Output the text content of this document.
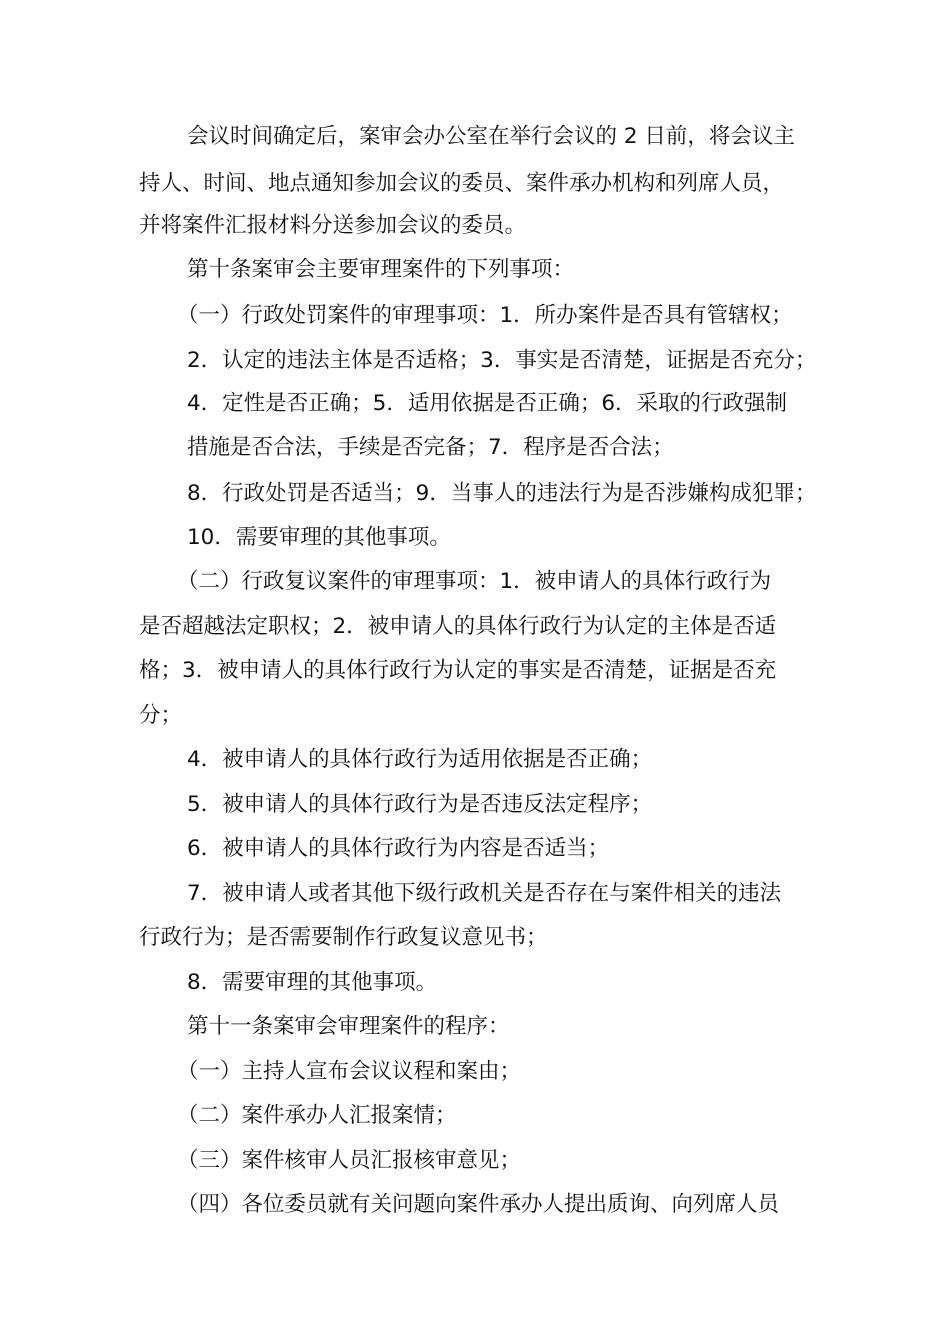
会议时间确定后，案审会办公室在举行会议的 2 日前，将会议主

持人、时间、地点通知参加会议的委员、案件承办机构和列席人员，

并将案件汇报材料分送参加会议的委员。

第十条案审会主要审理案件的下列事项：

（一）行政处罚案件的审理事项：1．所办案件是否具有管辖权；

2．认定的违法主体是否适格；3．事实是否清楚，证据是否充分；

4．定性是否正确；5．适用依据是否正确；6．采取的行政强制

措施是否合法，手续是否完备；7．程序是否合法；

8．行政处罚是否适当；9．当事人的违法行为是否涉嫌构成犯罪；

10．需要审理的其他事项。

（二）行政复议案件的审理事项：1．被申请人的具体行政行为

是否超越法定职权；2．被申请人的具体行政行为认定的主体是否适

格；3．被申请人的具体行政行为认定的事实是否清楚，证据是否充

分；

4．被申请人的具体行政行为适用依据是否正确；

5．被申请人的具体行政行为是否违反法定程序；

6．被申请人的具体行政行为内容是否适当；

7．被申请人或者其他下级行政机关是否存在与案件相关的违法

行政行为；是否需要制作行政复议意见书；

8．需要审理的其他事项。

第十一条案审会审理案件的程序：

（一）主持人宣布会议议程和案由；

（二）案件承办人汇报案情；

（三）案件核审人员汇报核审意见；

（四）各位委员就有关问题向案件承办人提出质询、向列席人员
